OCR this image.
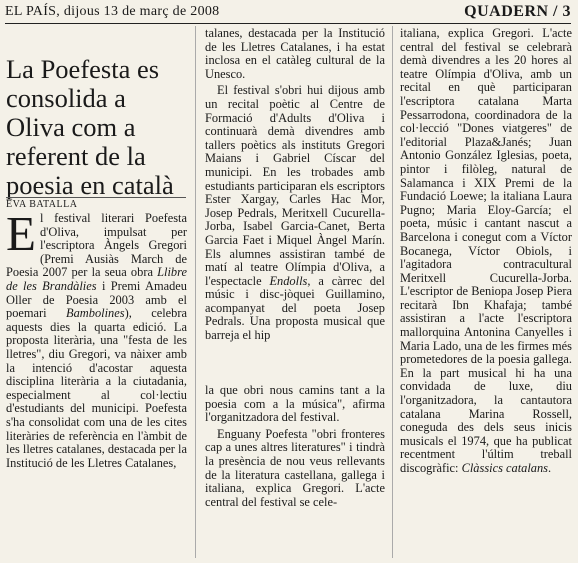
EL PAÍS, dijous 13 de març de 2008	QUADERN / 3
La Poefesta es consolida a Oliva com a referent de la poesia en català
EVA BATALLA

El festival literari Poefesta d'Oliva, impulsat per l'escriptora Àngels Gregori (Premi Ausiàs March de Poesia 2007 per la seua obra Llibre de les Brandàlies i Premi Amadeu Oller de Poesia 2003 amb el poemari Bambolines), celebra aquests dies la quarta edició. La proposta literària, una "festa de les lletres", diu Gregori, va nàixer amb la intenció d'acostar aquesta disciplina literària a la ciutadania, especialment al col·lectiu d'estudiants del municipi. Poefesta s'ha consolidat com una de les cites literàries de referència en l'àmbit de les lletres catalanes, destacada per la Institució de les Lletres Catalanes,

talanes, destacada per la Institució de les Lletres Catalanes, i ha estat inclosa en el catàleg cultural de la Unesco.

El festival s'obri hui dijous amb un recital poètic al Centre de Formació d'Adults d'Oliva i continuarà demà divendres amb tallers poètics als instituts Gregori Maians i Gabriel Císcar del municipi. En les trobades amb estudiants participaran els escriptors Ester Xargay, Carles Hac Mor, Josep Pedrals, Meritxell Cucurella-Jorba, Isabel Garcia-Canet, Berta Garcia Faet i Miquel Àngel Marín. Els alumnes assistiran també de matí al teatre Olímpia d'Oliva, a l'espectacle Endolls, a càrrec del músic i disc-jòquei Guillamino, acompanyat del poeta Josep Pedrals. Una proposta musical que barreja el hip

la que obri nous camins tant a la poesia com a la música", afirma l'organitzadora del festival.

Enguany Poefesta "obri fronteres cap a unes altres literatures" i tindrà la presència de nou veus rellevants de la literatura castellana, gallega i italiana, explica Gregori. L'acte central del festival se cele-

italiana, explica Gregori. L'acte central del festival se celebrarà demà divendres a les 20 hores al teatre Olímpia d'Oliva, amb un recital en què participaran l'escriptora catalana Marta Pessarrodona, coordinadora de la col·lecció "Dones viatgeres" de l'editorial Plaza&Janés; Juan Antonio González Iglesias, poeta, pintor i filòleg, natural de Salamanca i XIX Premi de la Fundació Loewe; la italiana Laura Pugno; Maria Eloy-García; el poeta, músic i cantant nascut a Barcelona i conegut com a Víctor Bocanega, Víctor Obiols, i l'agitadora contracultural Meritxell Cucurella-Jorba. L'escriptor de Beniopa Josep Piera recitarà Ibn Khafaja; també assistiran a l'acte l'escriptora mallorquina Antonina Canyelles i Maria Lado, una de les firmes més prometedores de la poesia gallega. En la part musical hi ha una convidada de luxe, diu l'organitzadora, la cantautora catalana Marina Rossell, coneguda des dels seus inicis musicals el 1974, que ha publicat recentment l'últim treball discogràfic: Clàssics catalans.
